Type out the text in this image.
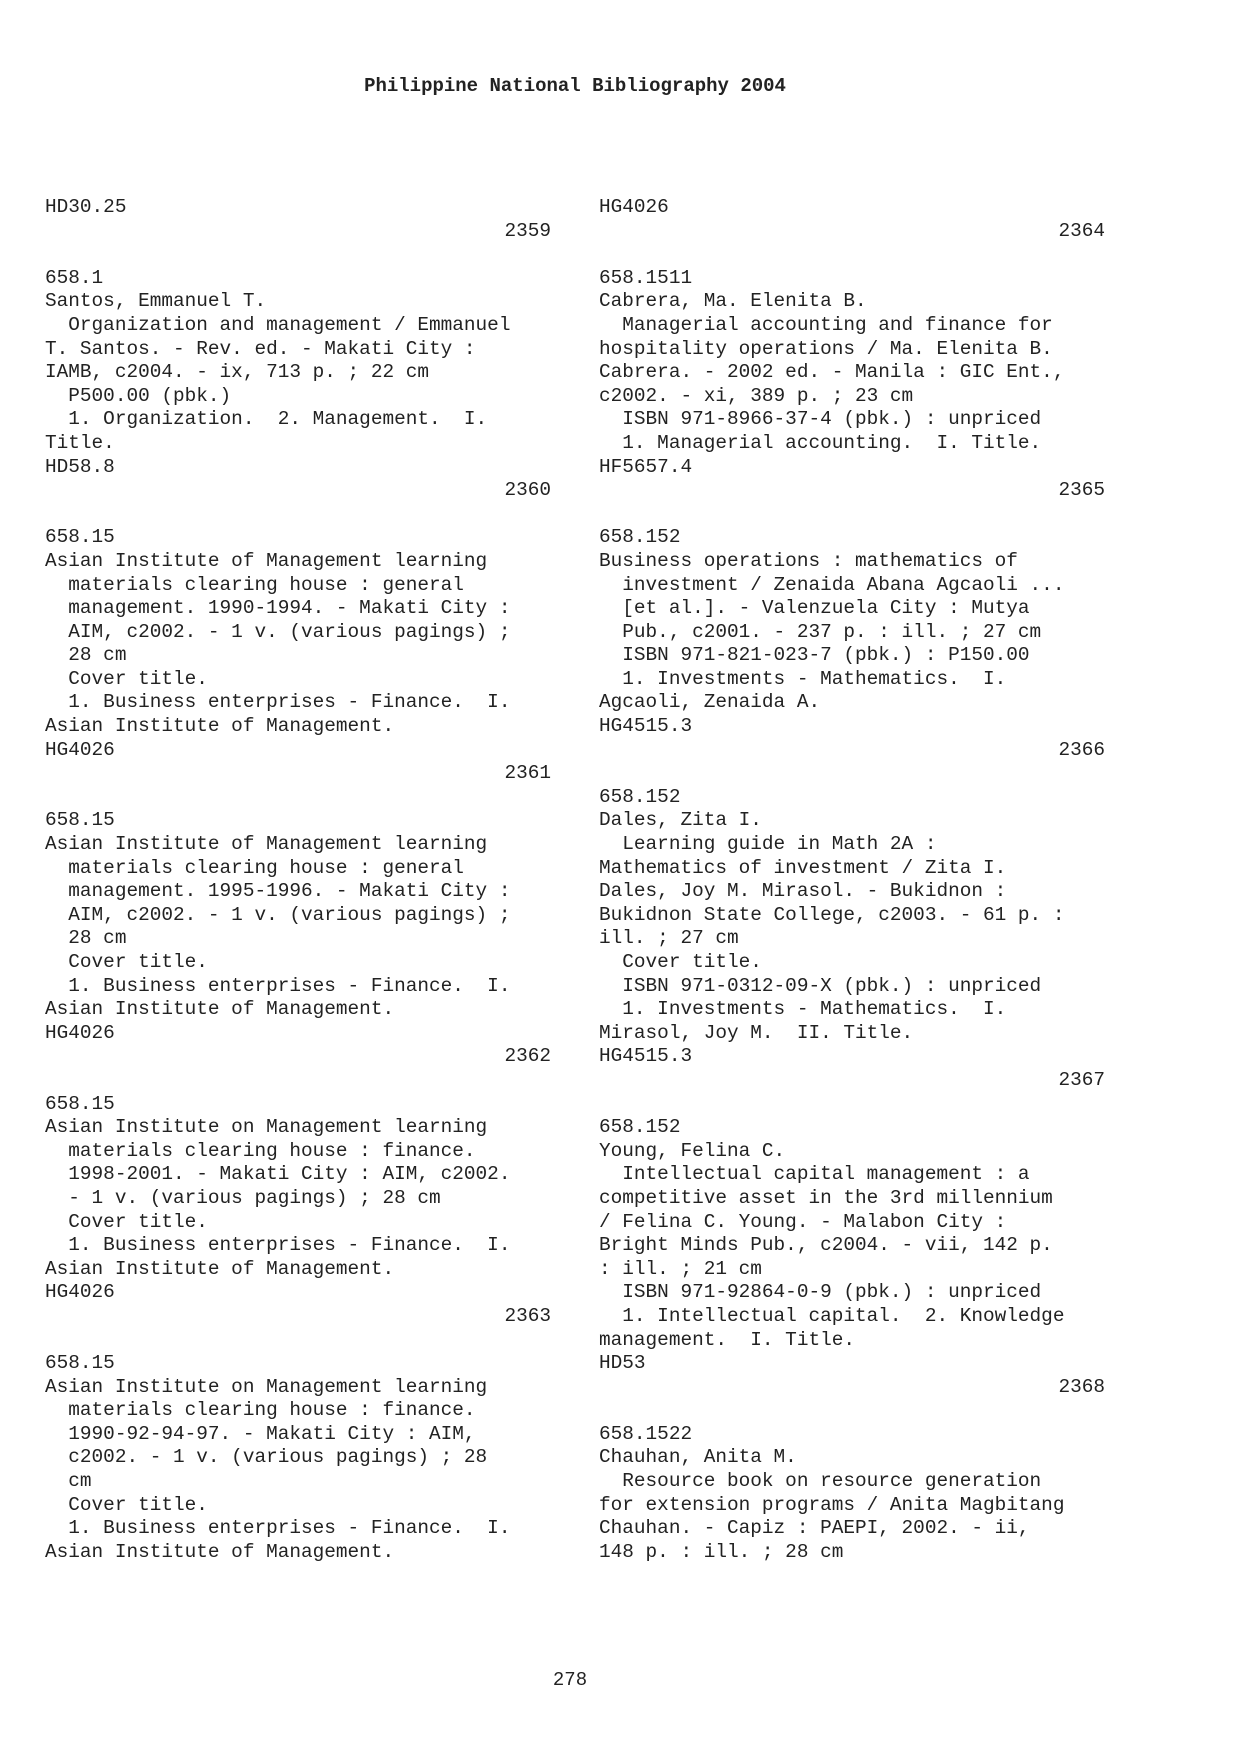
Philippine National Bibliography 2004
HD30.25
2359
658.1
Santos, Emmanuel T.
Organization and management / Emmanuel
T. Santos. - Rev. ed. - Makati City :
IAMB, c2004. - ix, 713 p. ; 22 cm
P500.00 (pbk.)
1. Organization.  2. Management.  I.
Title.
HD58.8
2360
658.15
Asian Institute of Management learning
materials clearing house : general
management. 1990-1994. - Makati City :
AIM, c2002. - 1 v. (various pagings) ;
28 cm
Cover title.
1. Business enterprises - Finance.  I.
Asian Institute of Management.
HG4026
2361
658.15
Asian Institute of Management learning
materials clearing house : general
management. 1995-1996. - Makati City :
AIM, c2002. - 1 v. (various pagings) ;
28 cm
Cover title.
1. Business enterprises - Finance.  I.
Asian Institute of Management.
HG4026
2362
658.15
Asian Institute on Management learning
materials clearing house : finance.
1998-2001. - Makati City : AIM, c2002.
- 1 v. (various pagings) ; 28 cm
Cover title.
1. Business enterprises - Finance.  I.
Asian Institute of Management.
HG4026
2363
658.15
Asian Institute on Management learning
materials clearing house : finance.
1990-92-94-97. - Makati City : AIM,
c2002. - 1 v. (various pagings) ; 28
cm
Cover title.
1. Business enterprises - Finance.  I.
Asian Institute of Management.
HG4026
2364
658.1511
Cabrera, Ma. Elenita B.
Managerial accounting and finance for
hospitality operations / Ma. Elenita B.
Cabrera. - 2002 ed. - Manila : GIC Ent.,
c2002. - xi, 389 p. ; 23 cm
ISBN 971-8966-37-4 (pbk.) : unpriced
1. Managerial accounting.  I. Title.
HF5657.4
2365
658.152
Business operations : mathematics of
investment / Zenaida Abana Agcaoli ...
[et al.]. - Valenzuela City : Mutya
Pub., c2001. - 237 p. : ill. ; 27 cm
ISBN 971-821-023-7 (pbk.) : P150.00
1. Investments - Mathematics.  I.
Agcaoli, Zenaida A.
HG4515.3
2366
658.152
Dales, Zita I.
Learning guide in Math 2A :
Mathematics of investment / Zita I.
Dales, Joy M. Mirasol. - Bukidnon :
Bukidnon State College, c2003. - 61 p. :
ill. ; 27 cm
Cover title.
ISBN 971-0312-09-X (pbk.) : unpriced
1. Investments - Mathematics.  I.
Mirasol, Joy M.  II. Title.
HG4515.3
2367
658.152
Young, Felina C.
Intellectual capital management : a
competitive asset in the 3rd millennium
/ Felina C. Young. - Malabon City :
Bright Minds Pub., c2004. - vii, 142 p.
: ill. ; 21 cm
ISBN 971-92864-0-9 (pbk.) : unpriced
1. Intellectual capital.  2. Knowledge
management.  I. Title.
HD53
2368
658.1522
Chauhan, Anita M.
Resource book on resource generation
for extension programs / Anita Magbitang
Chauhan. - Capiz : PAEPI, 2002. - ii,
148 p. : ill. ; 28 cm
278
